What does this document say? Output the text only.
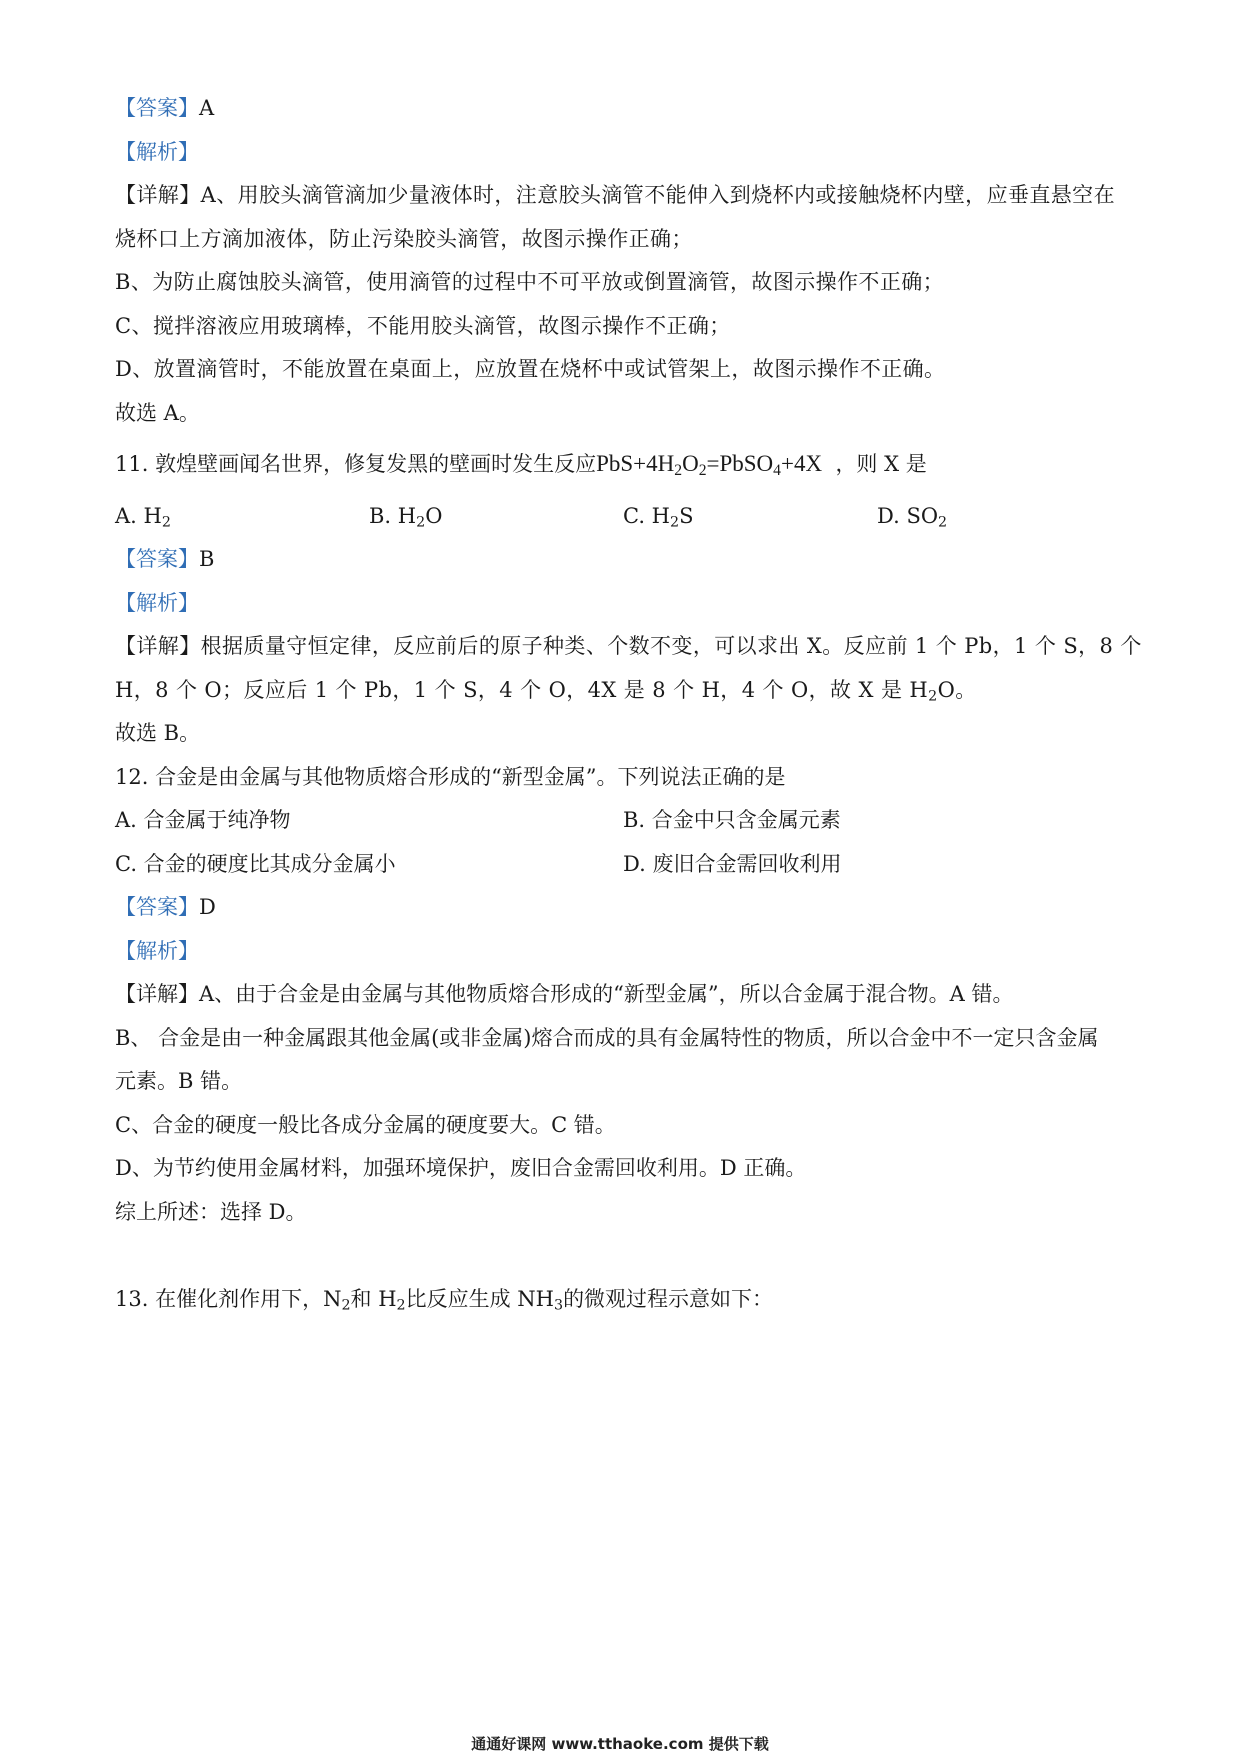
【答案】A
【解析】
【详解】A、用胶头滴管滴加少量液体时，注意胶头滴管不能伸入到烧杯内或接触烧杯内壁，应垂直悬空在
烧杯口上方滴加液体，防止污染胶头滴管，故图示操作正确；
B、为防止腐蚀胶头滴管，使用滴管的过程中不可平放或倒置滴管，故图示操作不正确；
C、搅拌溶液应用玻璃棒，不能用胶头滴管，故图示操作不正确；
D、放置滴管时，不能放置在桌面上，应放置在烧杯中或试管架上，故图示操作不正确。
故选 A。
11. 敦煌壁画闻名世界，修复发黑的壁画时发生反应$PbS+4H_2O_2=PbSO_4+4X$ ，则 X 是
A. $H_2$	B. $H_2O$	C. $H_2S$	D. $SO_2$
【答案】B
【解析】
【详解】根据质量守恒定律，反应前后的原子种类、个数不变，可以求出 X。反应前 1 个 Pb，1 个 S，8 个
H，8 个 O；反应后 1 个 Pb，1 个 S，4 个 O，4X 是 8 个 H，4 个 O，故 X 是 $H_2O$。
故选 B。
12. 合金是由金属与其他物质熔合形成的“新型金属”。下列说法正确的是
A. 合金属于纯净物	B. 合金中只含金属元素
C. 合金的硬度比其成分金属小	D. 废旧合金需回收利用
【答案】D
【解析】
【详解】A、由于合金是由金属与其他物质熔合形成的“新型金属”，所以合金属于混合物。A 错。
B、 合金是由一种金属跟其他金属(或非金属)熔合而成的具有金属特性的物质，所以合金中不一定只含金属
元素。B 错。
C、合金的硬度一般比各成分金属的硬度要大。C 错。
D、为节约使用金属材料，加强环境保护，废旧合金需回收利用。D 正确。
综上所述：选择 D。
13. 在催化剂作用下，$N_2$和 $H_2$比反应生成 $NH_3$的微观过程示意如下：
通通好课网 www.tthaoke.com 提供下载
